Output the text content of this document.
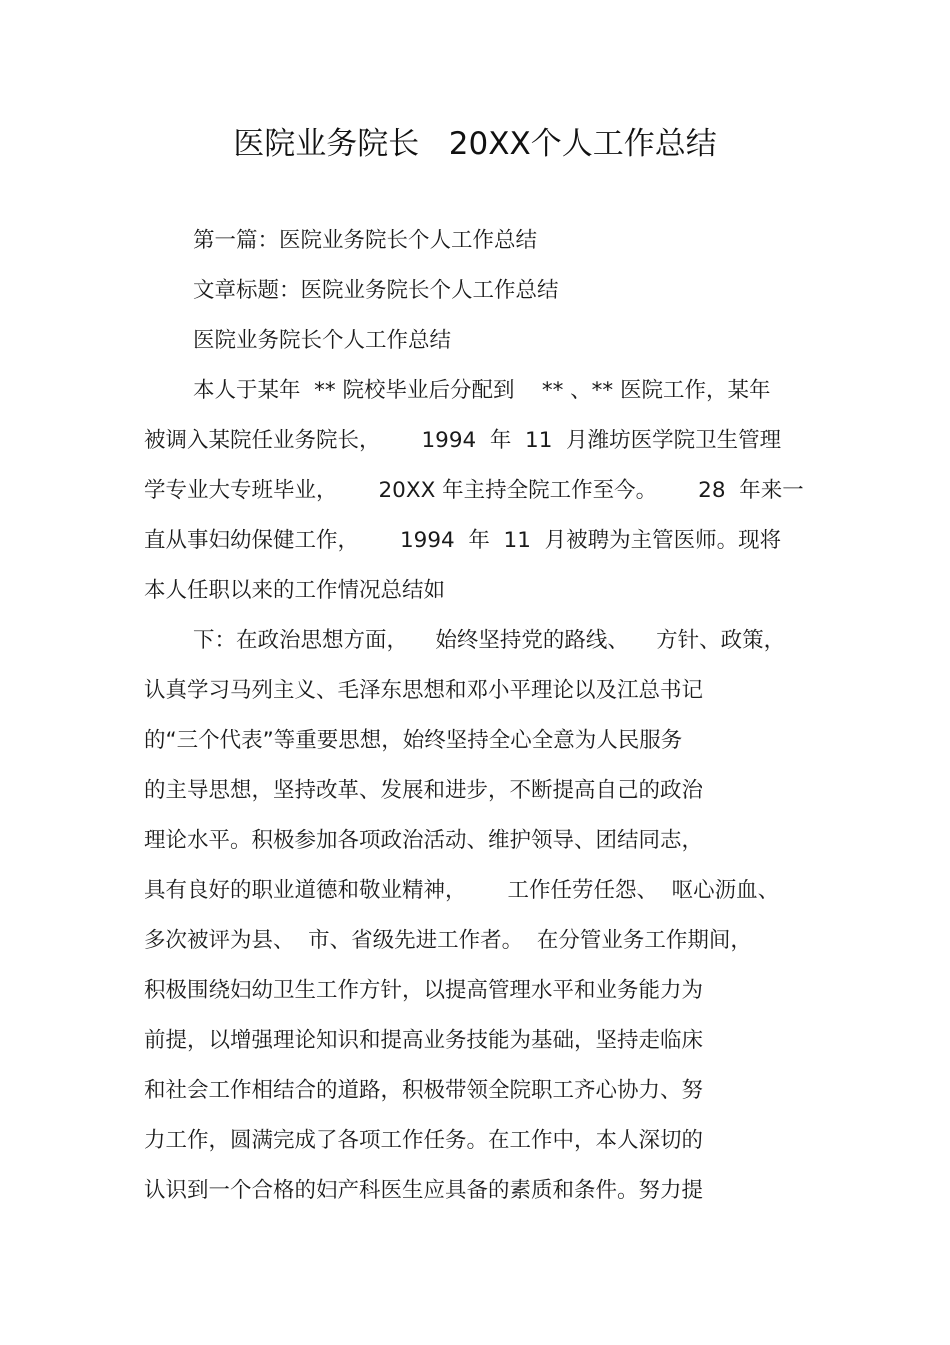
医院业务院长   20XX个人工作总结
第一篇：医院业务院长个人工作总结
文章标题：医院业务院长个人工作总结
医院业务院长个人工作总结
本人于某年  ** 院校毕业后分配到    ** 、** 医院工作，某年
被调入某院任业务院长，      1994  年  11  月潍坊医学院卫生管理
学专业大专班毕业，      20XX 年主持全院工作至今。      28  年来一
直从事妇幼保健工作，      1994  年  11  月被聘为主管医师。现将
本人任职以来的工作情况总结如
下：在政治思想方面，    始终坚持党的路线、    方针、政策，
认真学习马列主义、毛泽东思想和邓小平理论以及江总书记
的“三个代表”等重要思想，始终坚持全心全意为人民服务
的主导思想，坚持改革、发展和进步，不断提高自己的政治
理论水平。积极参加各项政治活动、维护领导、团结同志，
具有良好的职业道德和敬业精神，      工作任劳任怨、  呕心沥血、
多次被评为县、  市、省级先进工作者。  在分管业务工作期间，
积极围绕妇幼卫生工作方针，以提高管理水平和业务能力为
前提，以增强理论知识和提高业务技能为基础，坚持走临床
和社会工作相结合的道路，积极带领全院职工齐心协力、努
力工作，圆满完成了各项工作任务。在工作中，本人深切的
认识到一个合格的妇产科医生应具备的素质和条件。努力提
